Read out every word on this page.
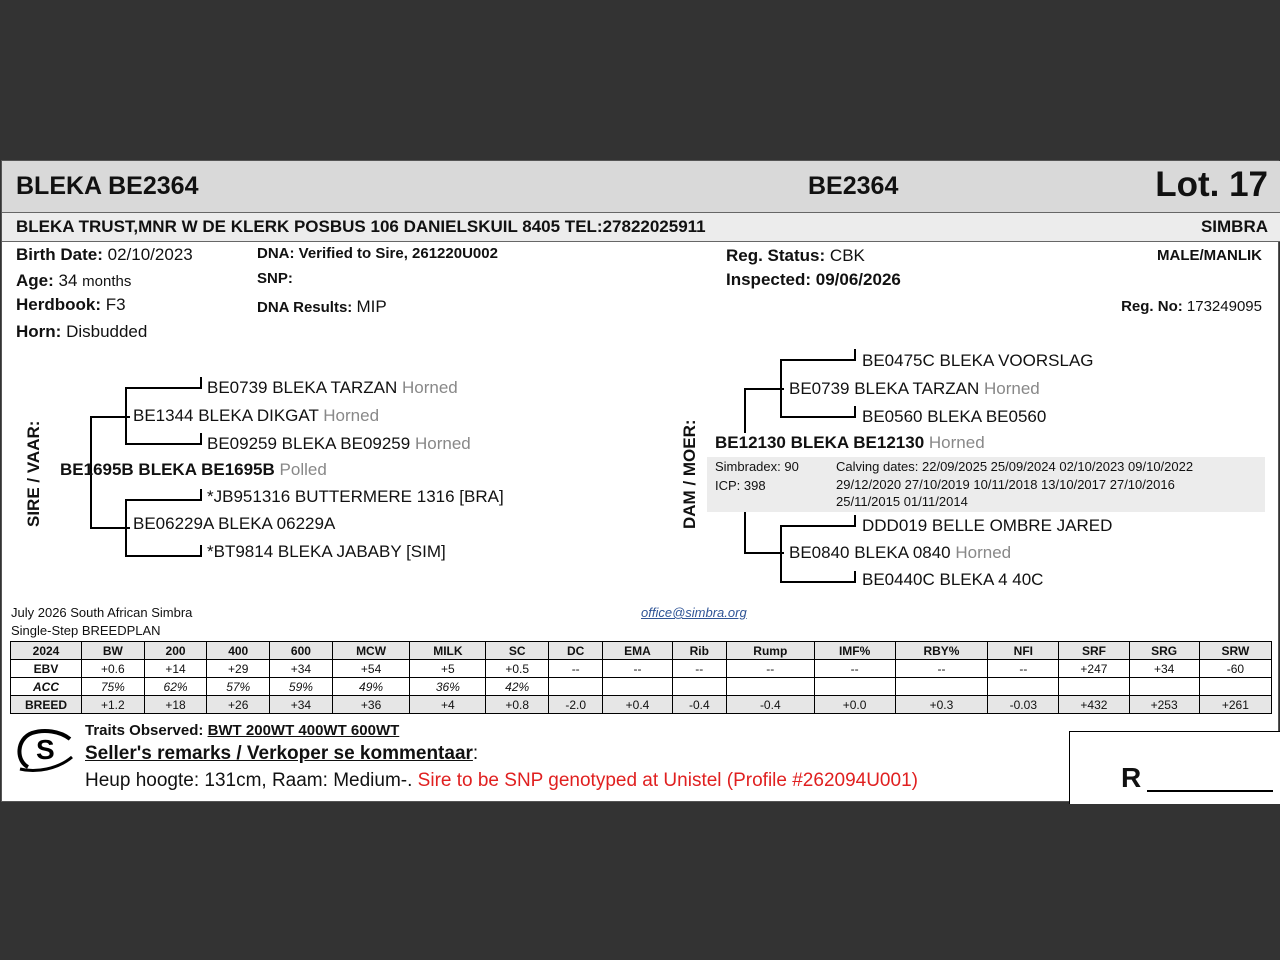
BLEKA BE2364	BE2364	Lot. 17
BLEKA TRUST,MNR W DE KLERK POSBUS 106 DANIELSKUIL 8405 TEL:27822025911	SIMBRA
Birth Date: 02/10/2023
Age: 34 months
Herdbook: F3
Horn: Disbudded
DNA: Verified to Sire, 261220U002
SNP:
DNA Results: MIP
Reg. Status: CBK
Inspected: 09/06/2026
MALE/MANLIK
Reg. No: 173249095
SIRE / VAAR:
BE0739 BLEKA TARZAN Horned
BE1344 BLEKA DIKGAT Horned
BE09259 BLEKA BE09259 Horned
BE1695B BLEKA BE1695B Polled
*JB951316 BUTTERMERE 1316 [BRA]
BE06229A BLEKA 06229A
*BT9814 BLEKA JABABY [SIM]
DAM / MOER:
BE0475C BLEKA VOORSLAG
BE0739 BLEKA TARZAN Horned
BE0560 BLEKA BE0560
BE12130 BLEKA BE12130 Horned
Simbradex: 90
ICP: 398
Calving dates: 22/09/2025 25/09/2024 02/10/2023 09/10/2022
29/12/2020 27/10/2019 10/11/2018 13/10/2017 27/10/2016
25/11/2015 01/11/2014
DDD019 BELLE OMBRE JARED
BE0840 BLEKA 0840 Horned
BE0440C BLEKA 4 40C
July 2026 South African Simbra
Single-Step BREEDPLAN
office@simbra.org
2024	BW	200	400	600	MCW	MILK	SC	DC	EMA	Rib	Rump	IMF%	RBY%	NFI	SRF	SRG	SRW
EBV	+0.6	+14	+29	+34	+54	+5	+0.5	--	--	--	--	--	--	--	+247	+34	-60
ACC	75%	62%	57%	59%	49%	36%	42%										
BREED	+1.2	+18	+26	+34	+36	+4	+0.8	-2.0	+0.4	-0.4	-0.4	+0.0	+0.3	-0.03	+432	+253	+261
S
Traits Observed: BWT 200WT 400WT 600WT
Seller's remarks / Verkoper se kommentaar:
Heup hoogte: 131cm, Raam: Medium-. Sire to be SNP genotyped at Unistel (Profile #262094U001)	R
